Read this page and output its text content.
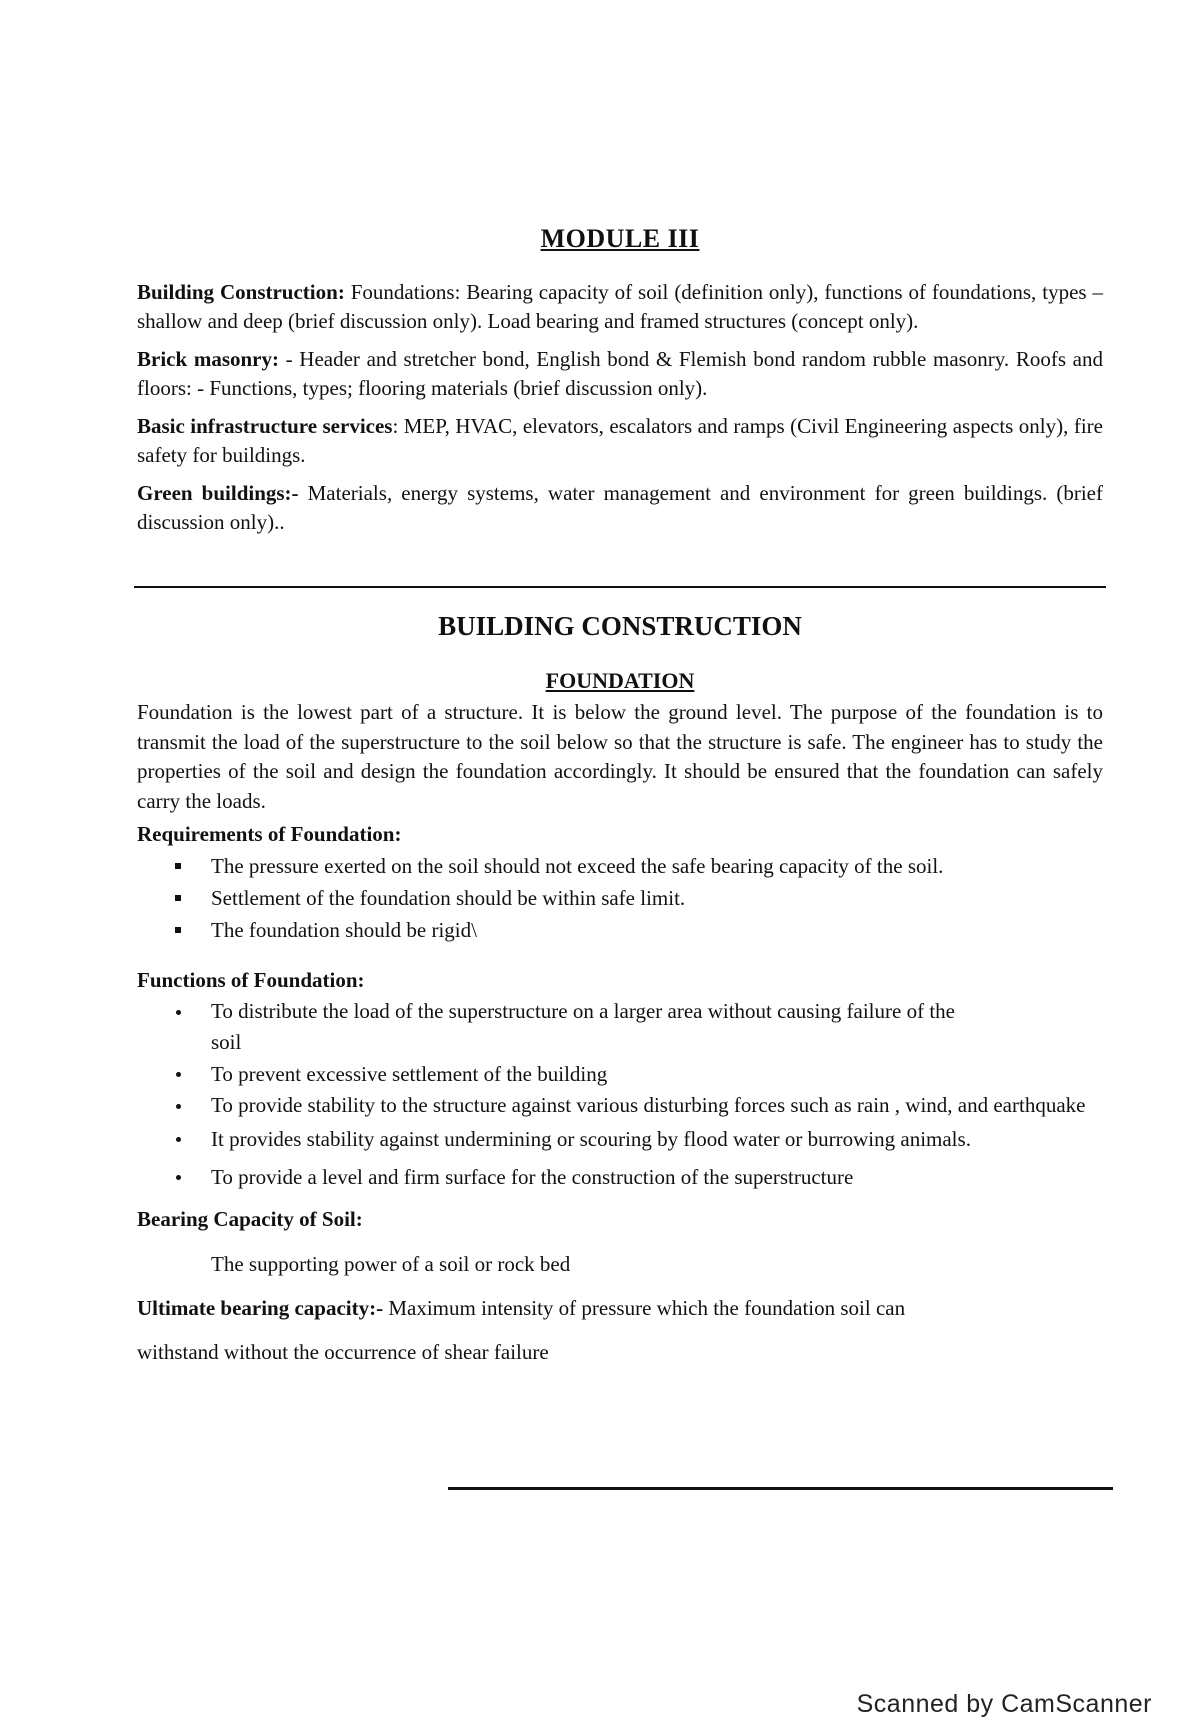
MODULE III

Building Construction: Foundations: Bearing capacity of soil (definition only), functions of foundations, types – shallow and deep (brief discussion only). Load bearing and framed structures (concept only).

Brick masonry: - Header and stretcher bond, English bond & Flemish bond random rubble masonry. Roofs and floors: - Functions, types; flooring materials (brief discussion only).

Basic infrastructure services: MEP, HVAC, elevators, escalators and ramps (Civil Engineering aspects only), fire safety for buildings.

Green buildings:- Materials, energy systems, water management and environment for green buildings. (brief discussion only)..

BUILDING CONSTRUCTION
FOUNDATION

Foundation is the lowest part of a structure. It is below the ground level. The purpose of the foundation is to transmit the load of the superstructure to the soil below so that the structure is safe. The engineer has to study the properties of the soil and design the foundation accordingly. It should be ensured that the foundation can safely carry the loads.

Requirements of Foundation:

The pressure exerted on the soil should not exceed the safe bearing capacity of the soil.
Settlement of the foundation should be within safe limit.
The foundation should be rigid\

Functions of Foundation:

To distribute the load of the superstructure on a larger area without causing failure of the soil
To prevent excessive settlement of the building
To provide stability to the structure against various disturbing forces such as rain , wind, and earthquake
It provides stability against undermining or scouring by flood water or burrowing animals.
To provide a level and firm surface for the construction of the superstructure

Bearing Capacity of Soil:

The supporting power of a soil or rock bed

Ultimate bearing capacity:- Maximum intensity of pressure which the foundation soil can

withstand without the occurrence of shear failure

Scanned by CamScanner
